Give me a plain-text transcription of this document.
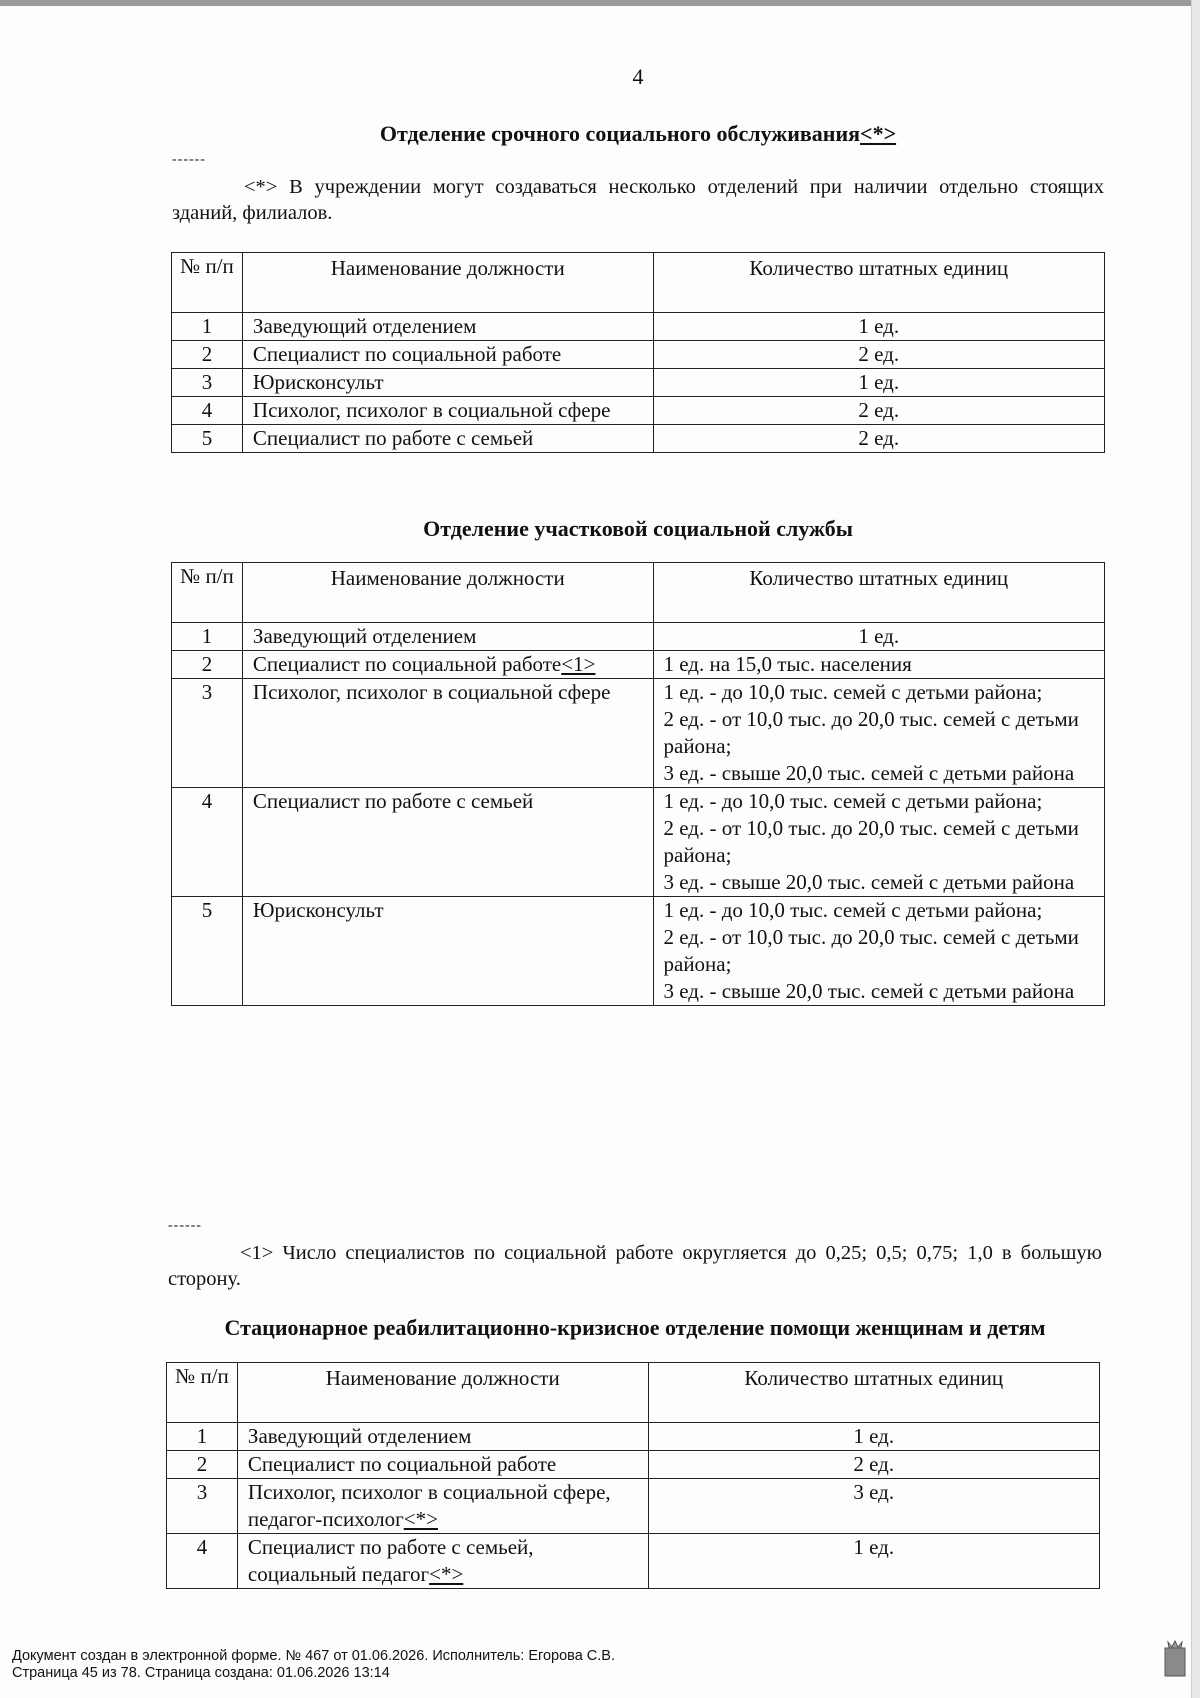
4
Отделение срочного социального обслуживания<*>
------
<*> В учреждении могут создаваться несколько отделений при наличии отдельно стоящих зданий, филиалов.
№ п/п	Наименование должности	Количество штатных единиц
1	Заведующий отделением	1 ед.
2	Специалист по социальной работе	2 ед.
3	Юрисконсульт	1 ед.
4	Психолог, психолог в социальной сфере	2 ед.
5	Специалист по работе с семьей	2 ед.
Отделение участковой социальной службы
№ п/п	Наименование должности	Количество штатных единиц
1	Заведующий отделением	1 ед.
2	Специалист по социальной работе<1>	1 ед. на 15,0 тыс. населения
3	Психолог, психолог в социальной сфере	1 ед. - до 10,0 тыс. семей с детьми района;
2 ед. - от 10,0 тыс. до 20,0 тыс. семей с детьми района;
3 ед. - свыше 20,0 тыс. семей с детьми района
4	Специалист по работе с семьей	1 ед. - до 10,0 тыс. семей с детьми района;
2 ед. - от 10,0 тыс. до 20,0 тыс. семей с детьми района;
3 ед. - свыше 20,0 тыс. семей с детьми района
5	Юрисконсульт	1 ед. - до 10,0 тыс. семей с детьми района;
2 ед. - от 10,0 тыс. до 20,0 тыс. семей с детьми района;
3 ед. - свыше 20,0 тыс. семей с детьми района
------
<1> Число специалистов по социальной работе округляется до 0,25; 0,5; 0,75; 1,0 в большую сторону.
Стационарное реабилитационно-кризисное отделение помощи женщинам и детям
№ п/п	Наименование должности	Количество штатных единиц
1	Заведующий отделением	1 ед.
2	Специалист по социальной работе	2 ед.
3	Психолог, психолог в социальной сфере, педагог-психолог<*>	3 ед.
4	Специалист по работе с семьей, социальный педагог<*>	1 ед.
Документ создан в электронной форме. № 467 от 01.06.2026. Исполнитель: Егорова С.В.
Страница 45 из 78. Страница создана: 01.06.2026 13:14
